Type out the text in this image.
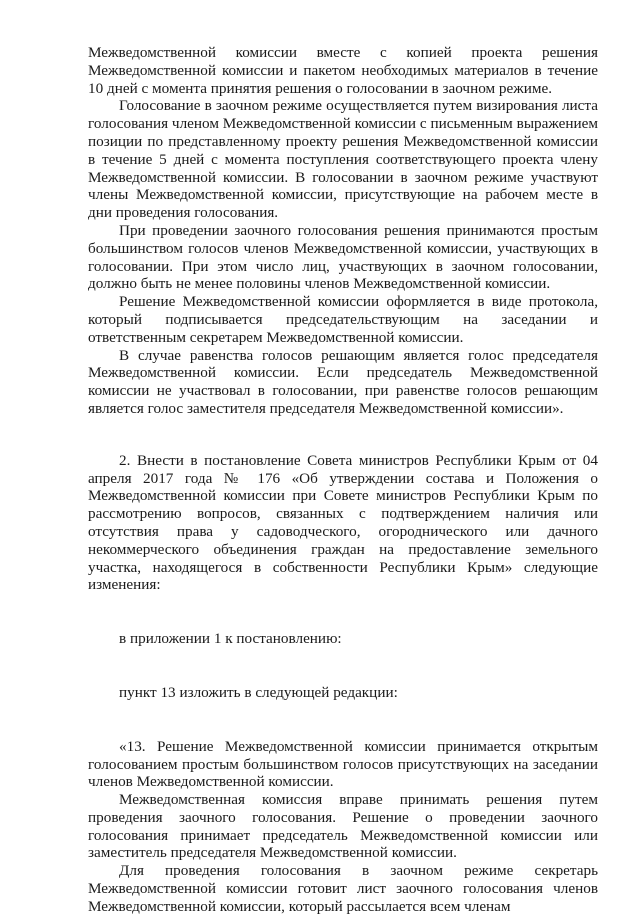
Межведомственной комиссии вместе с копией проекта решения Межведомственной комиссии и пакетом необходимых материалов в течение 10 дней с момента принятия решения о голосовании в заочном режиме.

Голосование в заочном режиме осуществляется путем визирования листа голосования членом Межведомственной комиссии с письменным выражением позиции по представленному проекту решения Межведомственной комиссии в течение 5 дней с момента поступления соответствующего проекта члену Межведомственной комиссии. В голосовании в заочном режиме участвуют члены Межведомственной комиссии, присутствующие на рабочем месте в дни проведения голосования.

При проведении заочного голосования решения принимаются простым большинством голосов членов Межведомственной комиссии, участвующих в голосовании. При этом число лиц, участвующих в заочном голосовании, должно быть не менее половины членов Межведомственной комиссии.

Решение Межведомственной комиссии оформляется в виде протокола, который подписывается председательствующим на заседании и ответственным секретарем Межведомственной комиссии.

В случае равенства голосов решающим является голос председателя Межведомственной комиссии. Если председатель Межведомственной комиссии не участвовал в голосовании, при равенстве голосов решающим является голос заместителя председателя Межведомственной комиссии».

2. Внести в постановление Совета министров Республики Крым от 04 апреля 2017 года № 176 «Об утверждении состава и Положения о Межведомственной комиссии при Совете министров Республики Крым по рассмотрению вопросов, связанных с подтверждением наличия или отсутствия права у садоводческого, огороднического или дачного некоммерческого объединения граждан на предоставление земельного участка, находящегося в собственности Республики Крым» следующие изменения:

в приложении 1 к постановлению:

пункт 13 изложить в следующей редакции:

«13. Решение Межведомственной комиссии принимается открытым голосованием простым большинством голосов присутствующих на заседании членов Межведомственной комиссии.

Межведомственная комиссия вправе принимать решения путем проведения заочного голосования. Решение о проведении заочного голосования принимает председатель Межведомственной комиссии или заместитель председателя Межведомственной комиссии.

Для проведения голосования в заочном режиме секретарь Межведомственной комиссии готовит лист заочного голосования членов Межведомственной комиссии, который рассылается всем членам
